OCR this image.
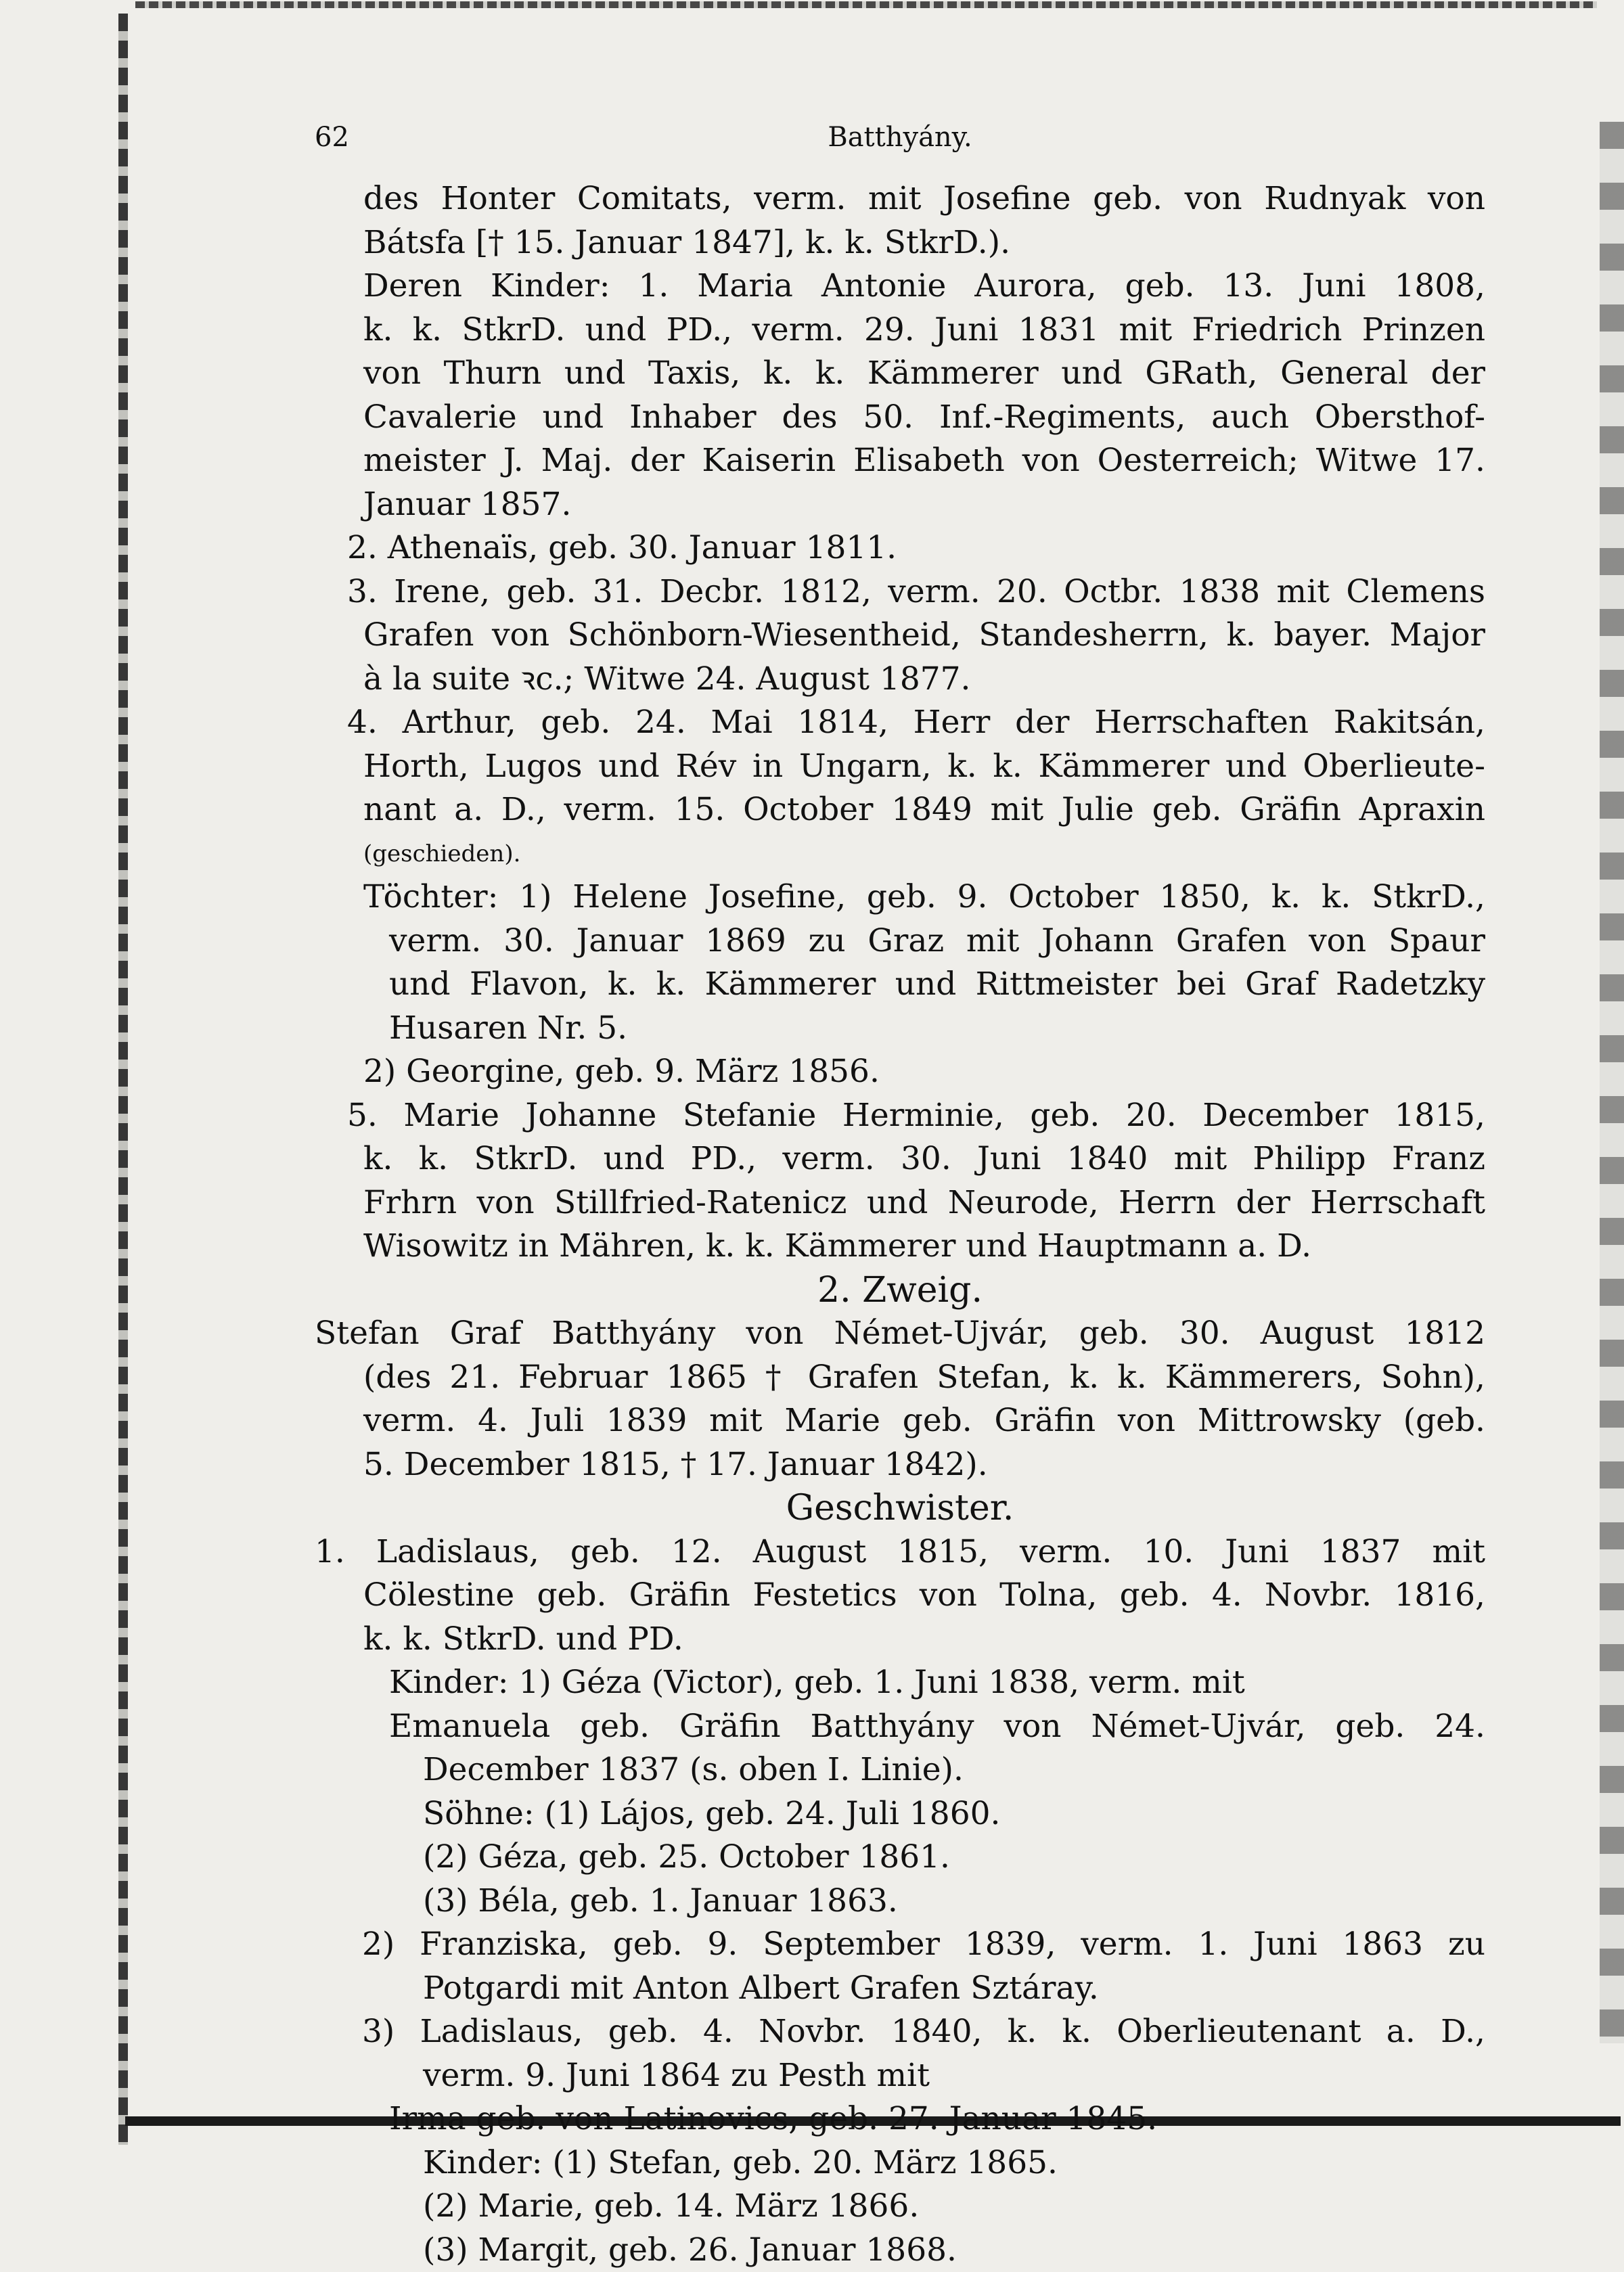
62	Batthyány.
des Honter Comitats, verm. mit Josefine geb. von Rudnyak von
Bátsfa [† 15. Januar 1847], k. k. StkrD.).
Deren Kinder: 1. Maria Antonie Aurora, geb. 13. Juni 1808,
k. k. StkrD. und PD., verm. 29. Juni 1831 mit Friedrich Prinzen
von Thurn und Taxis, k. k. Kämmerer und GRath, General der
Cavalerie und Inhaber des 50. Inf.-Regiments, auch Obersthof-
meister J. Maj. der Kaiserin Elisabeth von Oesterreich; Witwe 17.
Januar 1857.
2. Athenaïs, geb. 30. Januar 1811.
3. Irene, geb. 31. Decbr. 1812, verm. 20. Octbr. 1838 mit Clemens
Grafen von Schönborn-Wiesentheid, Standesherrn, k. bayer. Major
à la suite ꝛc.; Witwe 24. August 1877.
4. Arthur, geb. 24. Mai 1814, Herr der Herrschaften Rakitsán,
Horth, Lugos und Rév in Ungarn, k. k. Kämmerer und Oberlieute-
nant a. D., verm. 15. October 1849 mit Julie geb. Gräfin Apraxin
(geschieden).
Töchter: 1) Helene Josefine, geb. 9. October 1850, k. k. StkrD.,
verm. 30. Januar 1869 zu Graz mit Johann Grafen von Spaur
und Flavon, k. k. Kämmerer und Rittmeister bei Graf Radetzky
Husaren Nr. 5.
2) Georgine, geb. 9. März 1856.
5. Marie Johanne Stefanie Herminie, geb. 20. December 1815,
k. k. StkrD. und PD., verm. 30. Juni 1840 mit Philipp Franz
Frhrn von Stillfried-Ratenicz und Neurode, Herrn der Herrschaft
Wisowitz in Mähren, k. k. Kämmerer und Hauptmann a. D.
2. Zweig.
Stefan Graf Batthyány von Német-Ujvár, geb. 30. August 1812
(des 21. Februar 1865 † Grafen Stefan, k. k. Kämmerers, Sohn),
verm. 4. Juli 1839 mit Marie geb. Gräfin von Mittrowsky (geb.
5. December 1815, † 17. Januar 1842).
Geschwister.
1. Ladislaus, geb. 12. August 1815, verm. 10. Juni 1837 mit
Cölestine geb. Gräfin Festetics von Tolna, geb. 4. Novbr. 1816,
k. k. StkrD. und PD.
Kinder: 1) Géza (Victor), geb. 1. Juni 1838, verm. mit
Emanuela geb. Gräfin Batthyány von Német-Ujvár, geb. 24.
December 1837 (s. oben I. Linie).
Söhne: (1) Lájos, geb. 24. Juli 1860.
(2) Géza, geb. 25. October 1861.
(3) Béla, geb. 1. Januar 1863.
2) Franziska, geb. 9. September 1839, verm. 1. Juni 1863 zu
Potgardi mit Anton Albert Grafen Sztáray.
3) Ladislaus, geb. 4. Novbr. 1840, k. k. Oberlieutenant a. D.,
verm. 9. Juni 1864 zu Pesth mit
Irma geb. von Latinovics, geb. 27. Januar 1845.
Kinder: (1) Stefan, geb. 20. März 1865.
(2) Marie, geb. 14. März 1866.
(3) Margit, geb. 26. Januar 1868.
